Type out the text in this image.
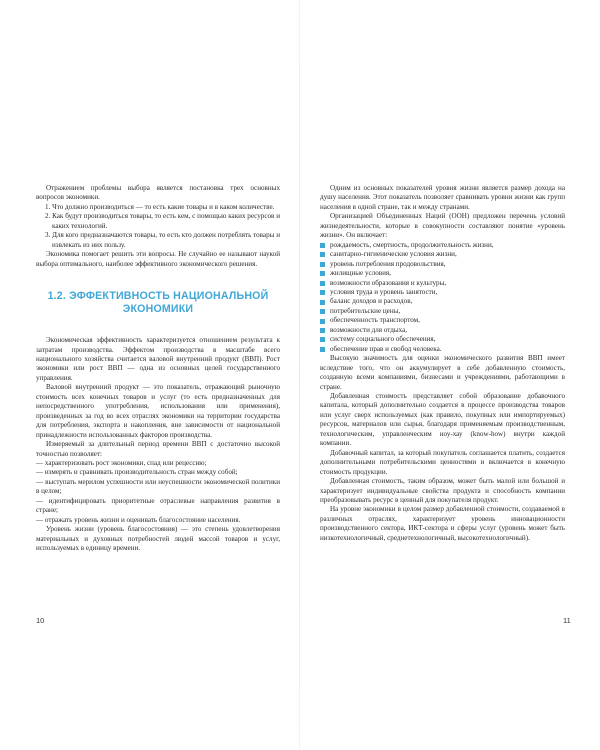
Отражением проблемы выбора является постановка трех основных вопросов экономики.

1. Что должно производиться — то есть какие товары и в каком количестве.
2. Как будут производиться товары, то есть кем, с помощью каких ресурсов и каких технологий.
3. Для кого предназначаются товары, то есть кто должен потреблять товары и извлекать из них пользу.

Экономика помогает решить эти вопросы. Не случайно ее называют наукой выбора оптимального, наиболее эффективного экономического решения.

1.2. ЭФФЕКТИВНОСТЬ НАЦИОНАЛЬНОЙ ЭКОНОМИКИ

Экономическая эффективность характеризуется отношением результата к затратам производства. Эффектом производства в масштабе всего национального хозяйства считается валовой внутренний продукт (ВВП). Рост экономики или рост ВВП — одна из основных целей государственного управления.

Валовой внутренний продукт — это показатель, отражающий рыночную стоимость всех конечных товаров и услуг (то есть предназначенных для непосредственного употребления, использования или применения), произведенных за год во всех отраслях экономики на территории государства для потребления, экспорта и накопления, вне зависимости от национальной принадлежности использованных факторов производства.

Измеряемый за длительный период времени ВВП с достаточно высокой точностью позволяет:

— характеризовать рост экономики, спад или рецессию;

— измерять и сравнивать производительность стран между собой;

— выступать мерилом успешности или неуспешности экономической политики в целом;

— идентифицировать приоритетные отраслевые направления развития в стране;

— отражать уровень жизни и оценивать благосостояние населения.

Уровень жизни (уровень благосостояния) — это степень удовлетворения материальных и духовных потребностей людей массой товаров и услуг, используемых в единицу времени.

10

Одним из основных показателей уровня жизни является размер дохода на душу населения. Этот показатель позволяет сравнивать уровни жизни как групп населения в одной стране, так и между странами.

Организацией Объединенных Наций (ООН) предложен перечень условий жизнедеятельности, которые в совокупности составляют понятие «уровень жизни». Он включает:

рождаемость, смертность, продолжительность жизни,
санитарно-гигиенические условия жизни,
уровень потребления продовольствия,
жилищные условия,
возможности образования и культуры,
условия труда и уровень занятости,
баланс доходов и расходов,
потребительские цены,
обеспеченность транспортом,
возможности для отдыха,
систему социального обеспечения,
обеспечение прав и свобод человека.

Высокую значимость для оценки экономического развития ВВП имеет вследствие того, что он аккумулирует в себе добавленную стоимость, созданную всеми компаниями, бизнесами и учреждениями, работающими в стране.

Добавленная стоимость представляет собой образование добавочного капитала, который дополнительно создается в процессе производства товаров или услуг сверх используемых (как правило, покупных или импортируемых) ресурсов, материалов или сырья, благодаря применяемым производственным, технологическим, управленческим ноу-хау (know-how) внутри каждой компании.

Добавочный капитал, за который покупатель соглашается платить, создается дополнительными потребительскими ценностями и включается в конечную стоимость продукции.

Добавленная стоимость, таким образом, может быть малой или большой и характеризует индивидуальные свойства продукта и способность компании преобразовывать ресурс в ценный для покупателя продукт.

На уровне экономики в целом размер добавленной стоимости, создаваемой в различных отраслях, характеризует уровень инновационности производственного сектора, ИКТ-сектора и сферы услуг (уровень может быть низкотехнологичный, среднетехнологичный, высокотехнологичный).

11
